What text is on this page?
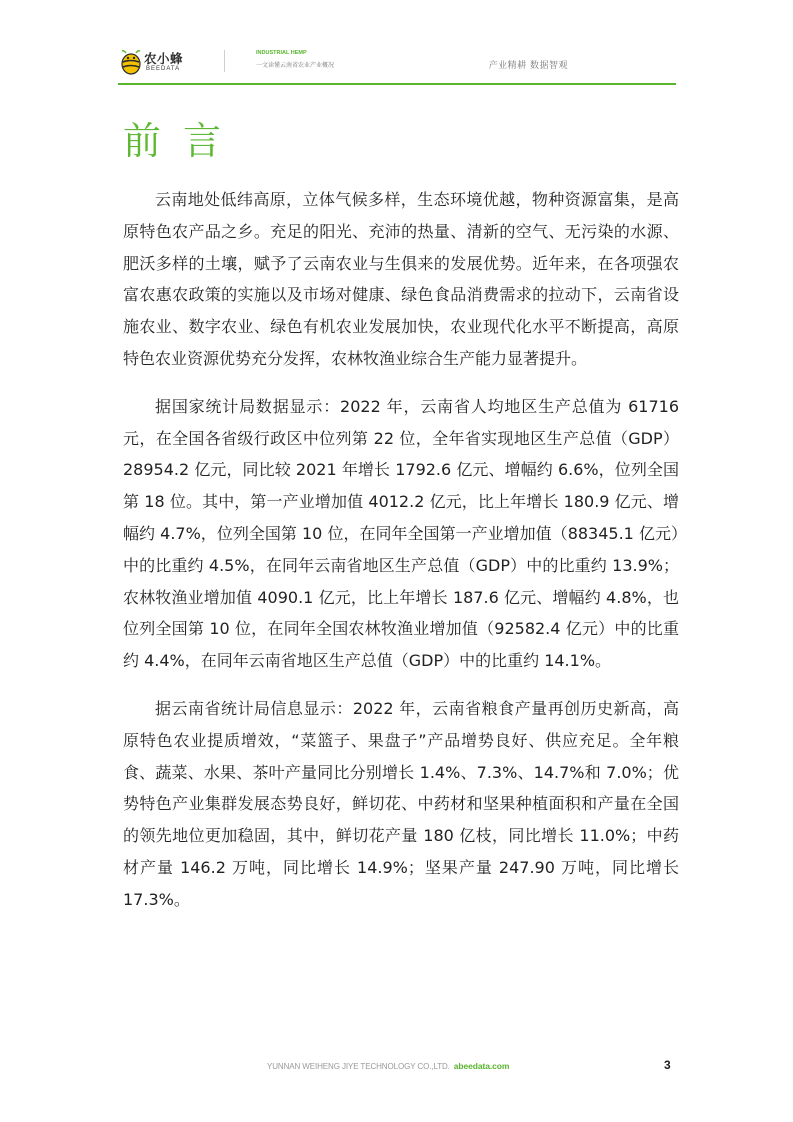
农小蜂
BEEDATA
INDUSTRIAL HEMP
一文读懂云南省农业产业概况	产业精耕 数据智观
前言

云南地处低纬高原，立体气候多样，生态环境优越，物种资源富集，是高原特色农产品之乡。充足的阳光、充沛的热量、清新的空气、无污染的水源、肥沃多样的土壤，赋予了云南农业与生俱来的发展优势。近年来，在各项强农富农惠农政策的实施以及市场对健康、绿色食品消费需求的拉动下，云南省设施农业、数字农业、绿色有机农业发展加快，农业现代化水平不断提高，高原特色农业资源优势充分发挥，农林牧渔业综合生产能力显著提升。

据国家统计局数据显示：2022 年，云南省人均地区生产总值为 61716 元，在全国各省级行政区中位列第 22 位，全年省实现地区生产总值（GDP）28954.2 亿元，同比较 2021 年增长 1792.6 亿元、增幅约 6.6%，位列全国第 18 位。其中，第一产业增加值 4012.2 亿元，比上年增长 180.9 亿元、增幅约 4.7%，位列全国第 10 位，在同年全国第一产业增加值（88345.1 亿元）中的比重约 4.5%，在同年云南省地区生产总值（GDP）中的比重约 13.9%；农林牧渔业增加值 4090.1 亿元，比上年增长 187.6 亿元、增幅约 4.8%，也位列全国第 10 位，在同年全国农林牧渔业增加值（92582.4 亿元）中的比重约 4.4%，在同年云南省地区生产总值（GDP）中的比重约 14.1%。

据云南省统计局信息显示：2022 年，云南省粮食产量再创历史新高，高原特色农业提质增效，“菜篮子、果盘子”产品增势良好、供应充足。全年粮食、蔬菜、水果、茶叶产量同比分别增长 1.4%、7.3%、14.7%和 7.0%；优势特色产业集群发展态势良好，鲜切花、中药材和坚果种植面积和产量在全国的领先地位更加稳固，其中，鲜切花产量 180 亿枝，同比增长 11.0%；中药材产量 146.2 万吨，同比增长 14.9%；坚果产量 247.90 万吨，同比增长 17.3%。

YUNNAN WEIHENG JIYE TECHNOLOGY CO.,LTD. abeedata.com	3
